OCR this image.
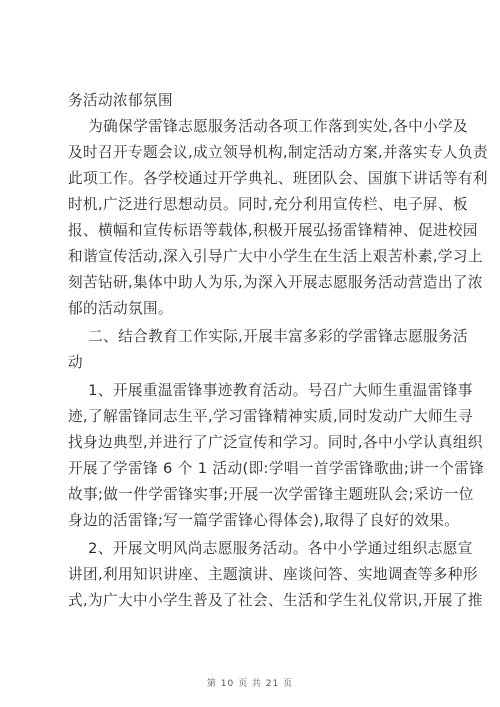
务活动浓郁氛围
为确保学雷锋志愿服务活动各项工作落到实处,各中小学及
及时召开专题会议,成立领导机构,制定活动方案,并落实专人负责
此项工作。各学校通过开学典礼、班团队会、国旗下讲话等有利
时机,广泛进行思想动员。同时,充分利用宣传栏、电子屏、板
报、横幅和宣传标语等载体,积极开展弘扬雷锋精神、促进校园
和谐宣传活动,深入引导广大中小学生在生活上艰苦朴素,学习上
刻苦钻研,集体中助人为乐,为深入开展志愿服务活动营造出了浓
郁的活动氛围。
二、结合教育工作实际,开展丰富多彩的学雷锋志愿服务活
动
1、开展重温雷锋事迹教育活动。号召广大师生重温雷锋事
迹,了解雷锋同志生平,学习雷锋精神实质,同时发动广大师生寻
找身边典型,并进行了广泛宣传和学习。同时,各中小学认真组织
开展了学雷锋 6 个 1 活动(即:学唱一首学雷锋歌曲;讲一个雷锋
故事;做一件学雷锋实事;开展一次学雷锋主题班队会;采访一位
身边的活雷锋;写一篇学雷锋心得体会),取得了良好的效果。
2、开展文明风尚志愿服务活动。各中小学通过组织志愿宣
讲团,利用知识讲座、主题演讲、座谈问答、实地调查等多种形
式,为广大中小学生普及了社会、生活和学生礼仪常识,开展了推
第 10 页 共 21 页
